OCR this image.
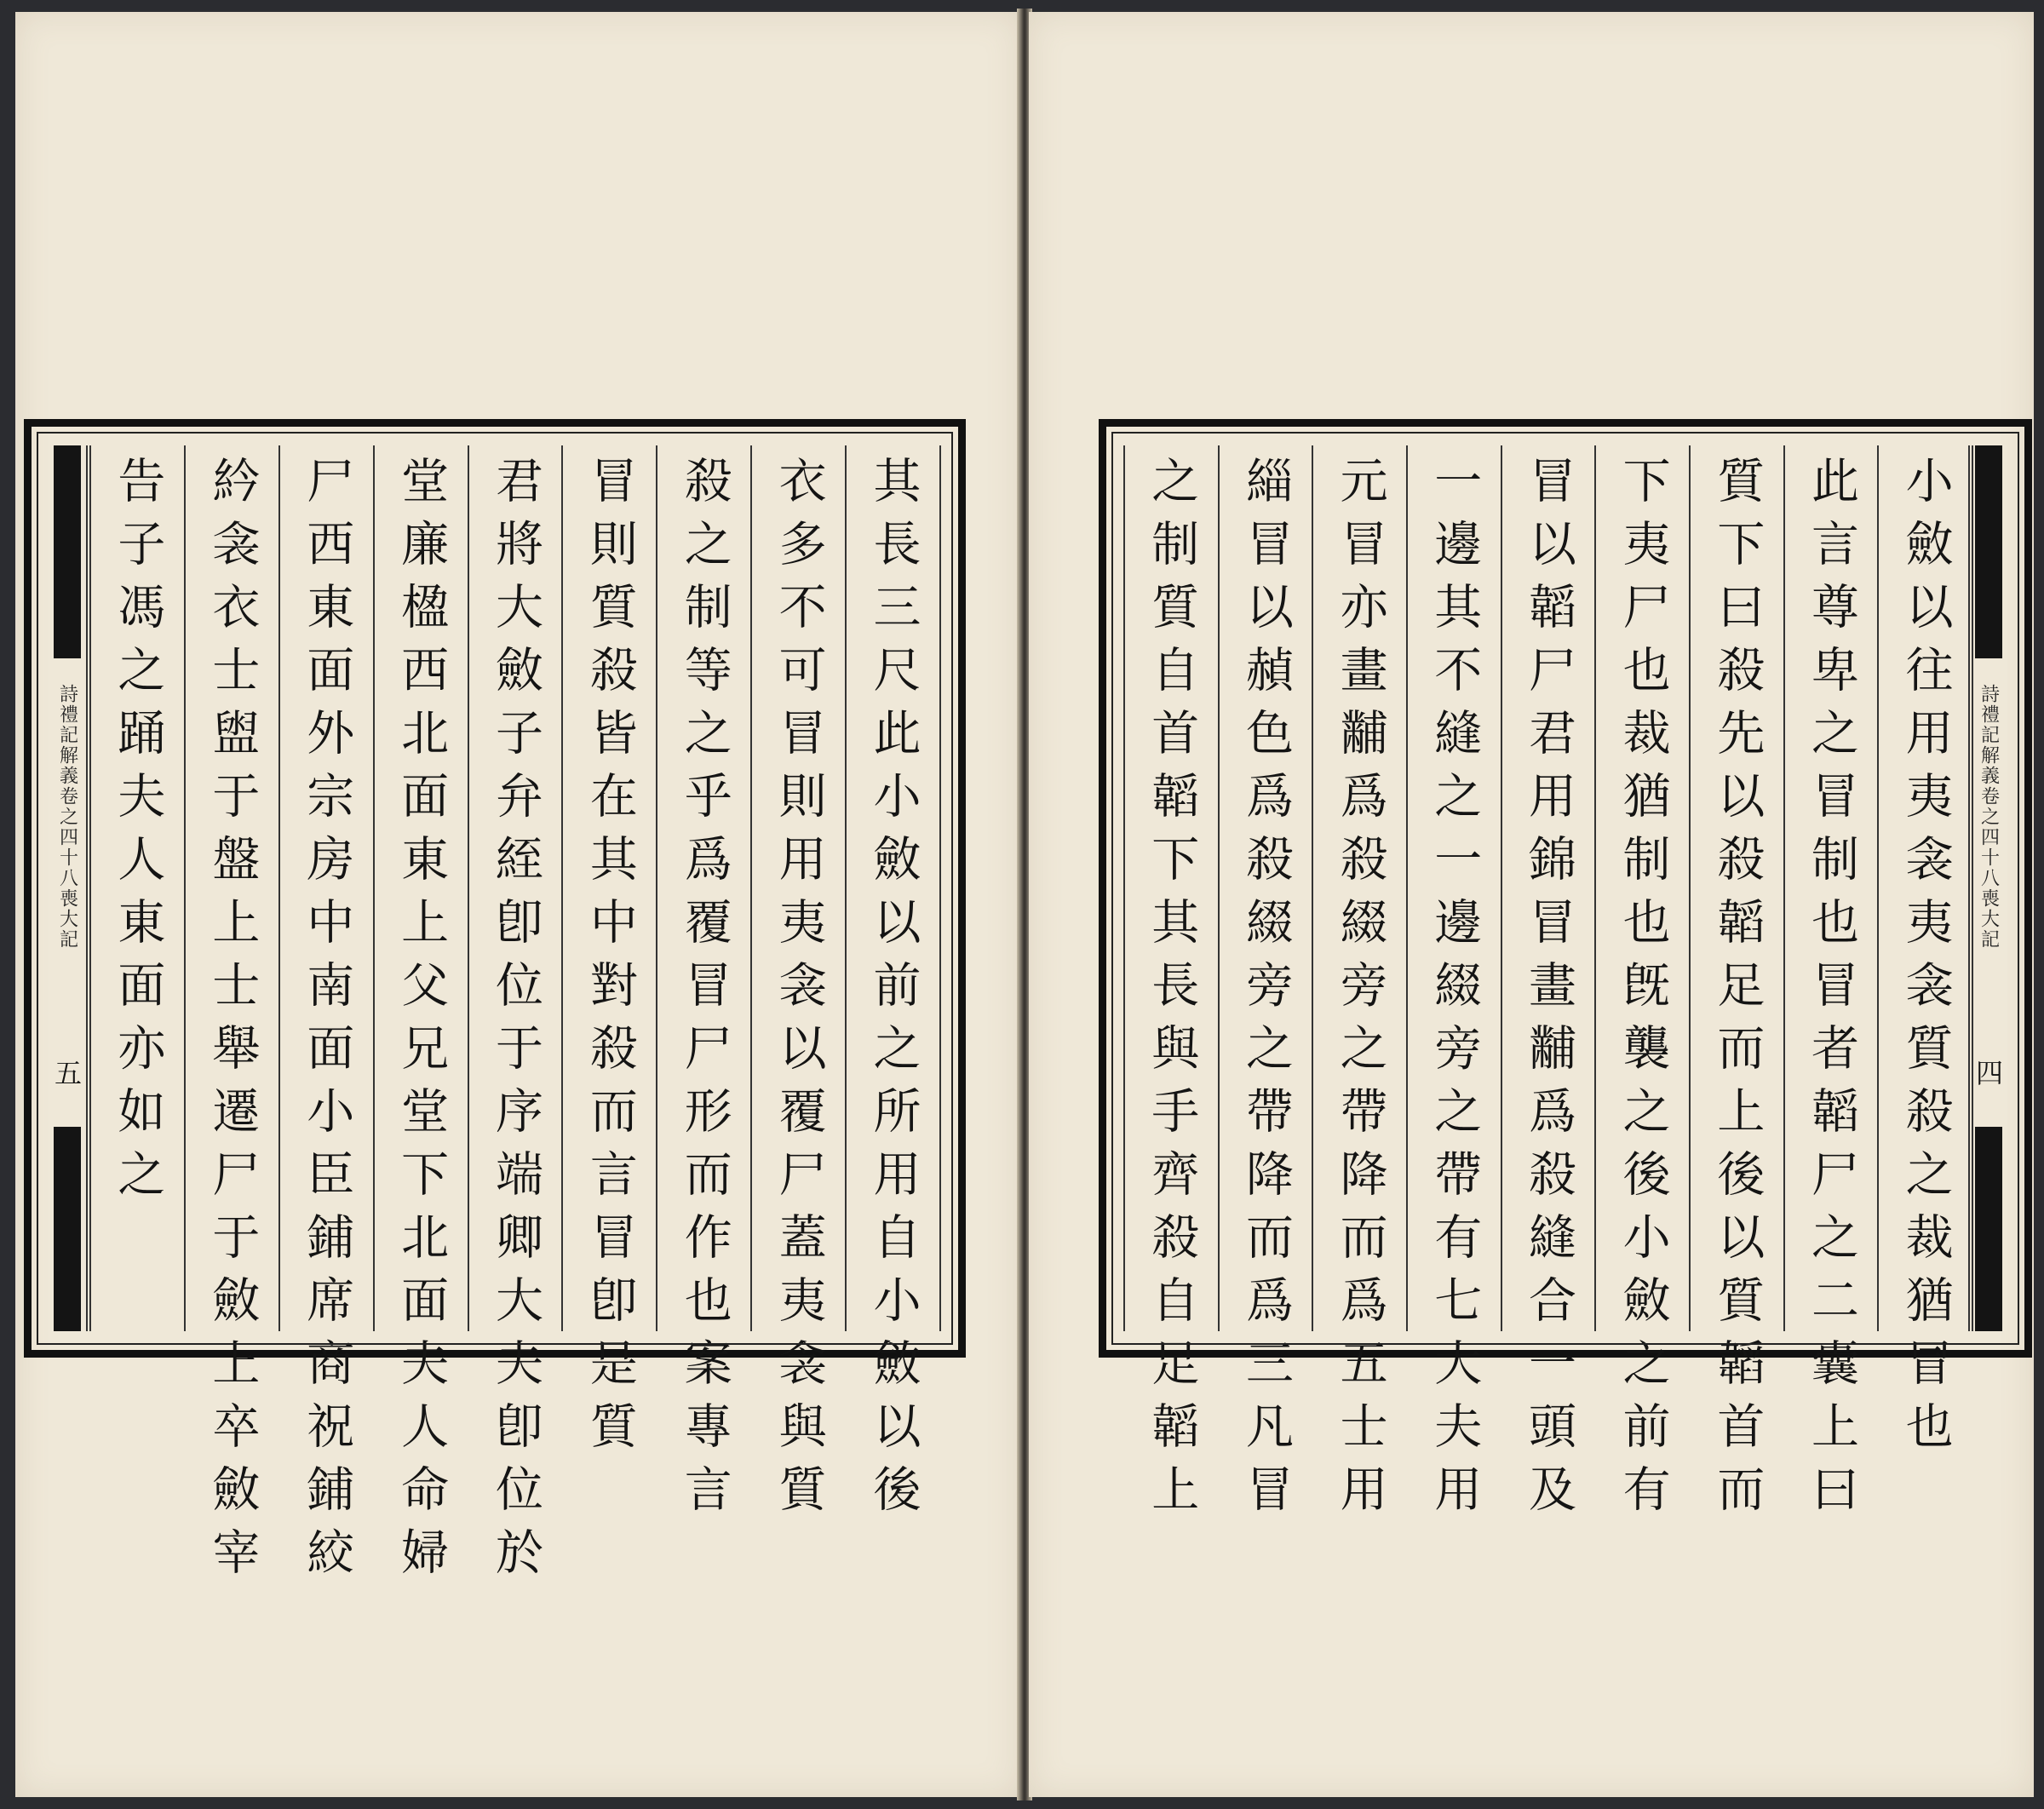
詩禮記解義卷之四十八喪大記
五	其長三尺此小斂以前之所用自小斂以後
衣多不可冒則用夷衾以覆尸蓋夷衾與質
殺之制等之乎爲覆冒尸形而作也案專言
冒則質殺皆在其中對殺而言冒卽是質
君將大斂子弁絰卽位于序端卿大夫卽位於
堂廉楹西北面東上父兄堂下北面夫人命婦
尸西東面外宗房中南面小臣鋪席商祝鋪絞
紟衾衣士盥于盤上士舉遷尸于斂上卒斂宰
告子馮之踊夫人東面亦如之	詩禮記解義卷之四十八喪大記
四
小斂以往用夷衾夷衾質殺之裁猶冒也
此言尊卑之冒制也冒者韜尸之二囊上曰
質下曰殺先以殺韜足而上後以質韜首而
下夷尸也裁猶制也旣襲之後小斂之前有
冒以韜尸君用錦冒畫黼爲殺縫合一頭及
一邊其不縫之一邊綴旁之帶有七大夫用
元冒亦畫黼爲殺綴旁之帶降而爲五士用
緇冒以赬色爲殺綴旁之帶降而爲三凡冒
之制質自首韜下其長與手齊殺自足韜上
